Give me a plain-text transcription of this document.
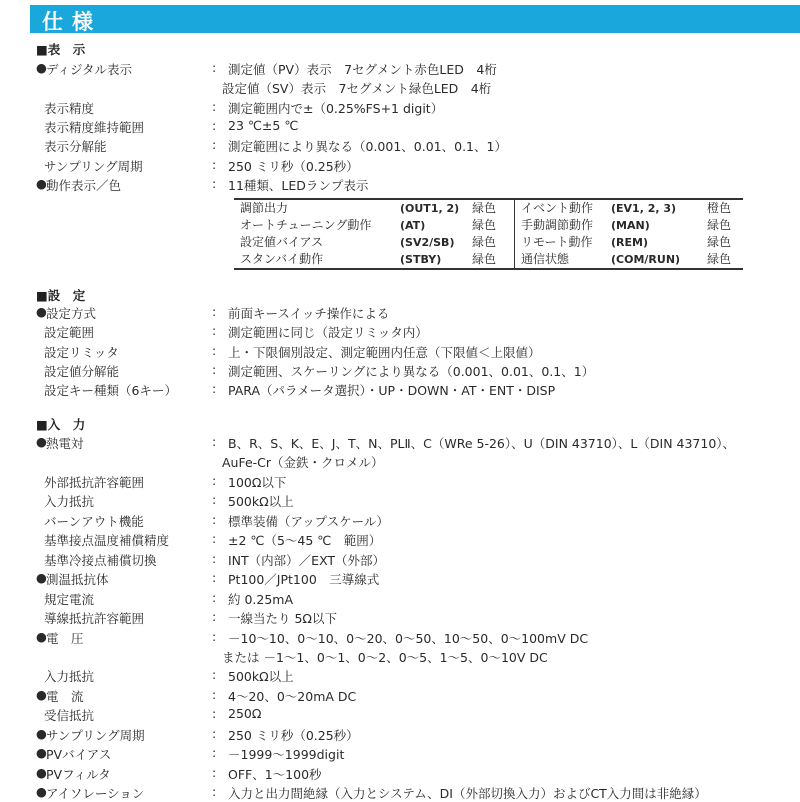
仕様
■表　示
● ディジタル表示	: 測定値（PV）表示　7セグメント赤色LED　4桁
設定値（SV）表示　7セグメント緑色LED　4桁
表示精度	: 測定範囲内で±（0.25%FS+1 digit）
表示精度維持範囲	: 23 ℃±5 ℃
表示分解能	: 測定範囲により異なる（0.001、0.01、0.1、1）
サンプリング周期	: 250 ミリ秒（0.25秒）
● 動作表示／色	: 11種類、LEDランプ表示
調節出力	(OUT1, 2)	緑色	イベント動作	(EV1, 2, 3)	橙色
オートチューニング動作	(AT)	緑色	手動調節動作	(MAN)	緑色
設定値バイアス	(SV2/SB)	緑色	リモート動作	(REM)	緑色
スタンバイ動作	(STBY)	緑色	通信状態	(COM/RUN)	緑色
■設　定
● 設定方式	: 前面キースイッチ操作による
設定範囲	: 測定範囲に同じ（設定リミッタ内）
設定リミッタ	: 上・下限個別設定、測定範囲内任意（下限値＜上限値）
設定値分解能	: 測定範囲、スケーリングにより異なる（0.001、0.01、0.1、1）
設定キー種類（6キー）	: PARA（パラメータ選択）・UP・DOWN・AT・ENT・DISP
■入　力
● 熱電対	: B、R、S、K、E、J、T、N、PLⅡ、C（WRe 5-26）、U（DIN 43710）、L（DIN 43710）、
AuFe-Cr（金鉄・クロメル）
外部抵抗許容範囲	: 100Ω以下
入力抵抗	: 500kΩ以上
バーンアウト機能	: 標準装備（アップスケール）
基準接点温度補償精度	: ±2 ℃（5～45 ℃　範囲）
基準冷接点補償切換	: INT（内部）／EXT（外部）
● 測温抵抗体	: Pt100／JPt100　三導線式
規定電流	: 約 0.25mA
導線抵抗許容範囲	: 一線当たり 5Ω以下
● 電　圧	: －10～10、0～10、0～20、0～50、10～50、0～100mV DC
または －1～1、0～1、0～2、0～5、1～5、0～10V DC
入力抵抗	: 500kΩ以上
● 電　流	: 4～20、0～20mA DC
受信抵抗	: 250Ω
● サンプリング周期	: 250 ミリ秒（0.25秒）
● PVバイアス	: －1999～1999digit
● PVフィルタ	: OFF、1～100秒
● アイソレーション	: 入力と出力間絶縁（入力とシステム、DI（外部切換入力）およびCT入力間は非絶縁）
